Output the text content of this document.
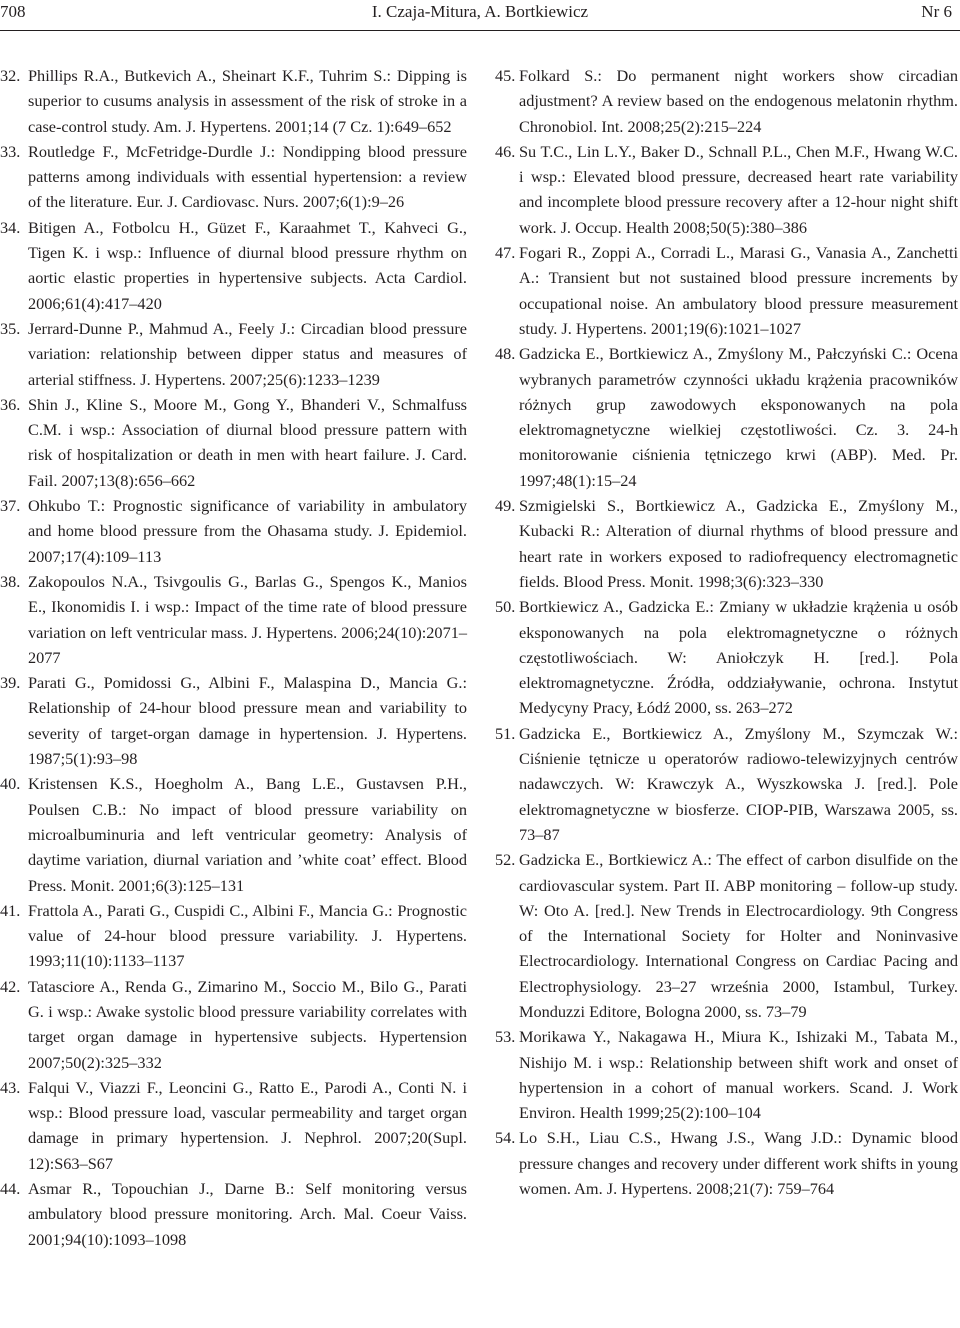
708	I. Czaja-Mitura, A. Bortkiewicz	Nr 6
32. Phillips R.A., Butkevich A., Sheinart K.F., Tuhrim S.: Dipping is superior to cusums analysis in assessment of the risk of stroke in a case-control study. Am. J. Hypertens. 2001;14 (7 Cz. 1):649–652
33. Routledge F., McFetridge-Durdle J.: Nondipping blood pressure patterns among individuals with essential hypertension: a review of the literature. Eur. J. Cardiovasc. Nurs. 2007;6(1):9–26
34. Bitigen A., Fotbolcu H., Güzet F., Karaahmet T., Kahveci G., Tigen K. i wsp.: Influence of diurnal blood pressure rhythm on aortic elastic properties in hypertensive subjects. Acta Cardiol. 2006;61(4):417–420
35. Jerrard-Dunne P., Mahmud A., Feely J.: Circadian blood pressure variation: relationship between dipper status and measures of arterial stiffness. J. Hypertens. 2007;25(6):1233–1239
36. Shin J., Kline S., Moore M., Gong Y., Bhanderi V., Schmalfuss C.M. i wsp.: Association of diurnal blood pressure pattern with risk of hospitalization or death in men with heart failure. J. Card. Fail. 2007;13(8):656–662
37. Ohkubo T.: Prognostic significance of variability in ambulatory and home blood pressure from the Ohasama study. J. Epidemiol. 2007;17(4):109–113
38. Zakopoulos N.A., Tsivgoulis G., Barlas G., Spengos K., Manios E., Ikonomidis I. i wsp.: Impact of the time rate of blood pressure variation on left ventricular mass. J. Hypertens. 2006;24(10):2071–2077
39. Parati G., Pomidossi G., Albini F., Malaspina D., Mancia G.: Relationship of 24-hour blood pressure mean and variability to severity of target-organ damage in hypertension. J. Hypertens. 1987;5(1):93–98
40. Kristensen K.S., Hoegholm A., Bang L.E., Gustavsen P.H., Poulsen C.B.: No impact of blood pressure variability on microalbuminuria and left ventricular geometry: Analysis of daytime variation, diurnal variation and ’white coat’ effect. Blood Press. Monit. 2001;6(3):125–131
41. Frattola A., Parati G., Cuspidi C., Albini F., Mancia G.: Prognostic value of 24-hour blood pressure variability. J. Hypertens. 1993;11(10):1133–1137
42. Tatasciore A., Renda G., Zimarino M., Soccio M., Bilo G., Parati G. i wsp.: Awake systolic blood pressure variability correlates with target organ damage in hypertensive subjects. Hypertension 2007;50(2):325–332
43. Falqui V., Viazzi F., Leoncini G., Ratto E., Parodi A., Conti N. i wsp.: Blood pressure load, vascular permeability and target organ damage in primary hypertension. J. Nephrol. 2007;20(Supl. 12):S63–S67
44. Asmar R., Topouchian J., Darne B.: Self monitoring versus ambulatory blood pressure monitoring. Arch. Mal. Coeur Vaiss. 2001;94(10):1093–1098
45. Folkard S.: Do permanent night workers show circadian adjustment? A review based on the endogenous melatonin rhythm. Chronobiol. Int. 2008;25(2):215–224
46. Su T.C., Lin L.Y., Baker D., Schnall P.L., Chen M.F., Hwang W.C. i wsp.: Elevated blood pressure, decreased heart rate variability and incomplete blood pressure recovery after a 12-hour night shift work. J. Occup. Health 2008;50(5):380–386
47. Fogari R., Zoppi A., Corradi L., Marasi G., Vanasia A., Zanchetti A.: Transient but not sustained blood pressure increments by occupational noise. An ambulatory blood pressure measurement study. J. Hypertens. 2001;19(6):1021–1027
48. Gadzicka E., Bortkiewicz A., Zmyślony M., Pałczyński C.: Ocena wybranych parametrów czynności układu krążenia pracowników różnych grup zawodowych eksponowanych na pola elektromagnetyczne wielkiej częstotliwości. Cz. 3. 24-h monitorowanie ciśnienia tętniczego krwi (ABP). Med. Pr. 1997;48(1):15–24
49. Szmigielski S., Bortkiewicz A., Gadzicka E., Zmyślony M., Kubacki R.: Alteration of diurnal rhythms of blood pressure and heart rate in workers exposed to radiofrequency electromagnetic fields. Blood Press. Monit. 1998;3(6):323–330
50. Bortkiewicz A., Gadzicka E.: Zmiany w układzie krążenia u osób eksponowanych na pola elektromagnetyczne o różnych częstotliwościach. W: Aniołczyk H. [red.]. Pola elektromagnetyczne. Źródła, oddziaływanie, ochrona. Instytut Medycyny Pracy, Łódź 2000, ss. 263–272
51. Gadzicka E., Bortkiewicz A., Zmyślony M., Szymczak W.: Ciśnienie tętnicze u operatorów radiowo-telewizyjnych centrów nadawczych. W: Krawczyk A., Wyszkowska J. [red.]. Pole elektromagnetyczne w biosferze. CIOP-PIB, Warszawa 2005, ss. 73–87
52. Gadzicka E., Bortkiewicz A.: The effect of carbon disulfide on the cardiovascular system. Part II. ABP monitoring – follow-up study. W: Oto A. [red.]. New Trends in Electrocardiology. 9th Congress of the International Society for Holter and Noninvasive Electrocardiology. International Congress on Cardiac Pacing and Electrophysiology. 23–27 września 2000, Istambul, Turkey. Monduzzi Editore, Bologna 2000, ss. 73–79
53. Morikawa Y., Nakagawa H., Miura K., Ishizaki M., Tabata M., Nishijo M. i wsp.: Relationship between shift work and onset of hypertension in a cohort of manual workers. Scand. J. Work Environ. Health 1999;25(2):100–104
54. Lo S.H., Liau C.S., Hwang J.S., Wang J.D.: Dynamic blood pressure changes and recovery under different work shifts in young women. Am. J. Hypertens. 2008;21(7): 759–764
